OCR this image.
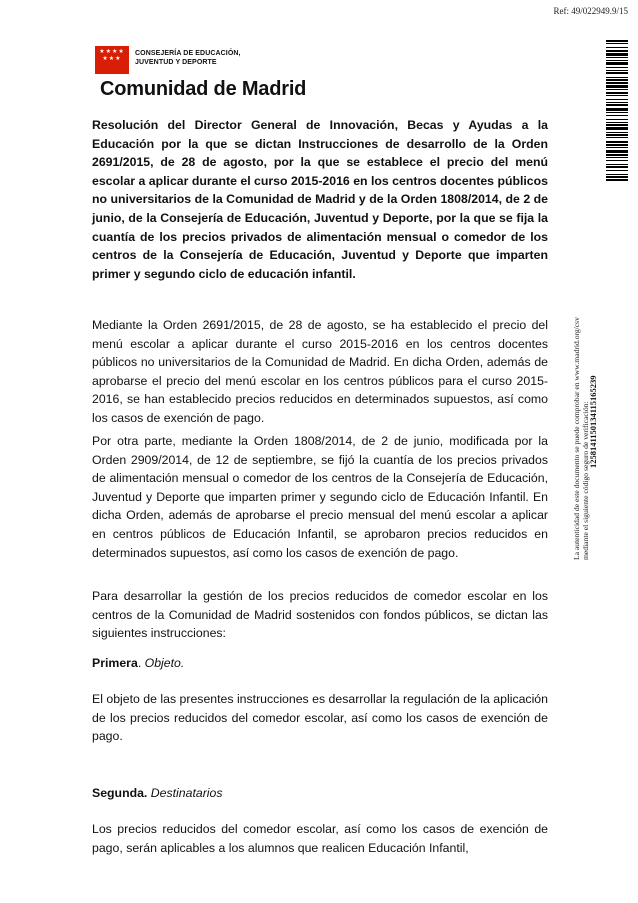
Ref: 49/022949.9/15
★★★★
★★★
CONSEJERÍA DE EDUCACIÓN,
JUVENTUD Y DEPORTE
Comunidad de Madrid

Resolución del Director General de Innovación, Becas y Ayudas a la Educación por la que se dictan Instrucciones de desarrollo de la Orden 2691/2015, de 28 de agosto, por la que se establece el precio del menú escolar a aplicar durante el curso 2015-2016 en los centros docentes públicos no universitarios de la Comunidad de Madrid y de la Orden 1808/2014, de 2 de junio, de la Consejería de Educación, Juventud y Deporte, por la que se fija la cuantía de los precios privados de alimentación mensual o comedor de los centros de la Consejería de Educación, Juventud y Deporte que imparten primer y segundo ciclo de educación infantil.

Mediante la Orden 2691/2015, de 28 de agosto, se ha establecido el precio del menú escolar a aplicar durante el curso 2015-2016 en los centros docentes públicos no universitarios de la Comunidad de Madrid. En dicha Orden, además de aprobarse el precio del menú escolar en los centros públicos para el curso 2015-2016, se han establecido precios reducidos en determinados supuestos, así como los casos de exención de pago.

Por otra parte, mediante la Orden 1808/2014, de 2 de junio, modificada por la Orden 2909/2014, de 12 de septiembre, se fijó la cuantía de los precios privados de alimentación mensual o comedor de los centros de la Consejería de Educación, Juventud y Deporte que imparten primer y segundo ciclo de Educación Infantil. En dicha Orden, además de aprobarse el precio mensual del menú escolar a aplicar en centros públicos de Educación Infantil, se aprobaron precios reducidos en determinados supuestos, así como los casos de exención de pago.

Para desarrollar la gestión de los precios reducidos de comedor escolar en los centros de la Comunidad de Madrid sostenidos con fondos públicos, se dictan las siguientes instrucciones:

Primera. Objeto.

El objeto de las presentes instrucciones es desarrollar la regulación de la aplicación de los precios reducidos del comedor escolar, así como los casos de exención de pago.

Segunda. Destinatarios

Los precios reducidos del comedor escolar, así como los casos de exención de pago, serán aplicables a los alumnos que realicen Educación Infantil,

La autenticidad de este documento se puede comprobar en www.madrid.org/csv mediante el siguiente código seguro de verificación:
1258141150134115165239
